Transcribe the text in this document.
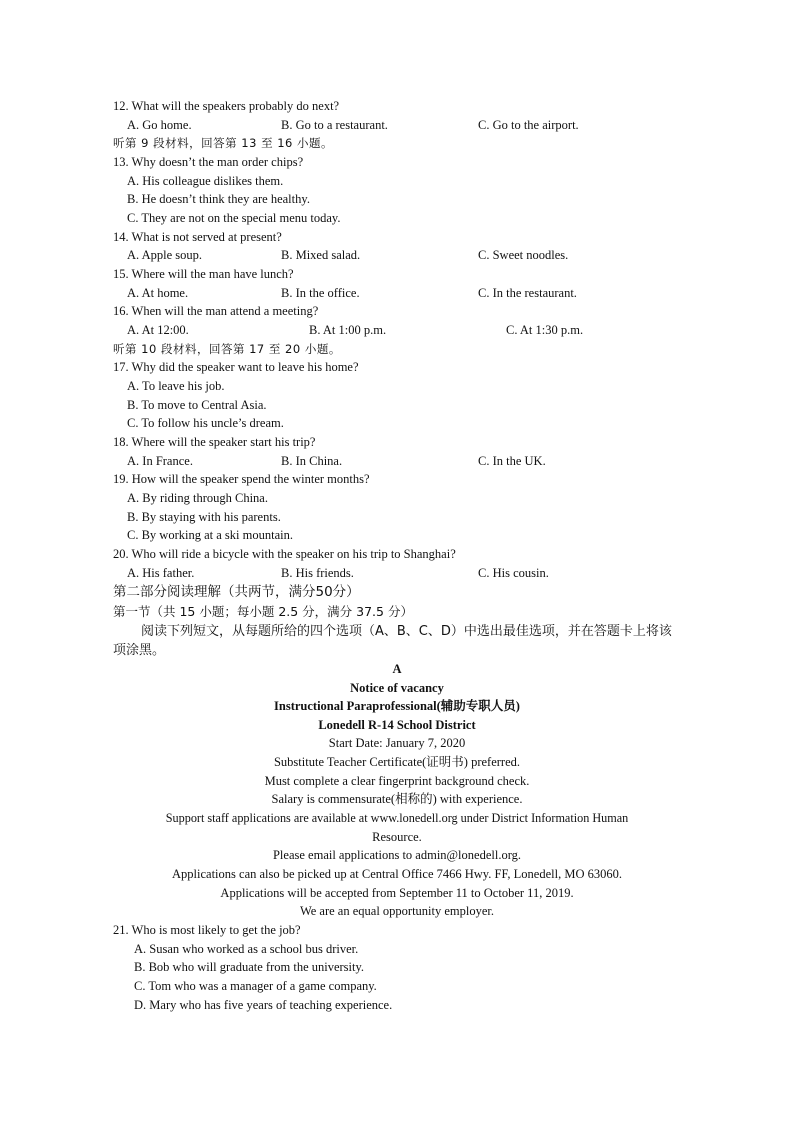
12. What will the speakers probably do next?
A. Go home.	B. Go to a restaurant.	C. Go to the airport.
听第 9 段材料，回答第 13 至 16 小题。
13. Why doesn’t the man order chips?
A. His colleague dislikes them.
B. He doesn’t think they are healthy.
C. They are not on the special menu today.
14. What is not served at present?
A. Apple soup.	B. Mixed salad.	C. Sweet noodles.
15. Where will the man have lunch?
A. At home.	B. In the office.	C. In the restaurant.
16. When will the man attend a meeting?
A. At 12:00.	B. At 1:00 p.m.	C. At 1:30 p.m.
听第 10 段材料，回答第 17 至 20 小题。
17. Why did the speaker want to leave his home?
A. To leave his job.
B. To move to Central Asia.
C. To follow his uncle’s dream.
18. Where will the speaker start his trip?
A. In France.	B. In China.	C. In the UK.
19. How will the speaker spend the winter months?
A. By riding through China.
B. By staying with his parents.
C. By working at a ski mountain.
20. Who will ride a bicycle with the speaker on his trip to Shanghai?
A. His father.	B. His friends.	C. His cousin.
第二部分阅读理解（共两节，满分50分）
第一节（共 15 小题；每小题 2.5 分，满分 37.5 分）
阅读下列短文，从每题所给的四个选项（A、B、C、D）中选出最佳选项，并在答题卡上将该项涂黑。
A
Notice of vacancy
Instructional Paraprofessional(辅助专职人员)
Lonedell R-14 School District
Start Date: January 7, 2020
Substitute Teacher Certificate(证明书) preferred.
Must complete a clear fingerprint background check.
Salary is commensurate(相称的) with experience.
Support staff applications are available at www.lonedell.org under District Information Human
Resource.
Please email applications to admin@lonedell.org.
Applications can also be picked up at Central Office 7466 Hwy. FF, Lonedell, MO 63060.
Applications will be accepted from September 11 to October 11, 2019.
We are an equal opportunity employer.
21. Who is most likely to get the job?
A. Susan who worked as a school bus driver.
B. Bob who will graduate from the university.
C. Tom who was a manager of a game company.
D. Mary who has five years of teaching experience.
